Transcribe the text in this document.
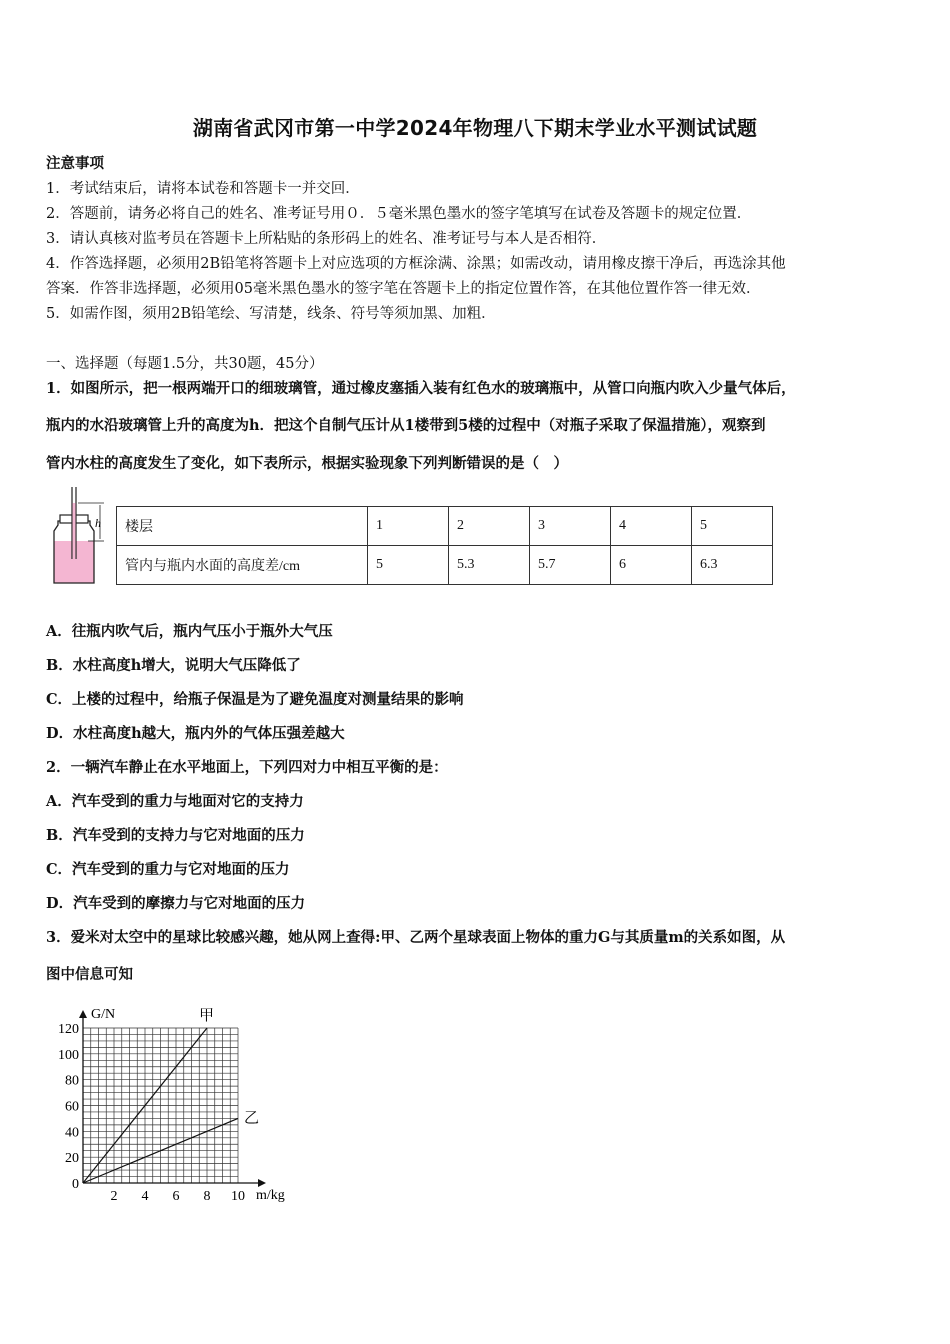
湖南省武冈市第一中学2024年物理八下期末学业水平测试试题
注意事项
1．考试结束后，请将本试卷和答题卡一并交回．
2．答题前，请务必将自己的姓名、准考证号用０．５毫米黑色墨水的签字笔填写在试卷及答题卡的规定位置．
3．请认真核对监考员在答题卡上所粘贴的条形码上的姓名、准考证号与本人是否相符．
4．作答选择题，必须用2B铅笔将答题卡上对应选项的方框涂满、涂黑；如需改动，请用橡皮擦干净后，再选涂其他
答案．作答非选择题，必须用05毫米黑色墨水的签字笔在答题卡上的指定位置作答，在其他位置作答一律无效．
5．如需作图，须用2B铅笔绘、写清楚，线条、符号等须加黑、加粗．
一、选择题（每题1.5分，共30题，45分）
1．如图所示，把一根两端开口的细玻璃管，通过橡皮塞插入装有红色水的玻璃瓶中，从管口向瓶内吹入少量气体后，
瓶内的水沿玻璃管上升的高度为h．把这个自制气压计从1楼带到5楼的过程中（对瓶子采取了保温措施），观察到
管内水柱的高度发生了变化，如下表所示，根据实验现象下列判断错误的是（　）
h 楼层	1	2	3	4	5
管内与瓶内水面的高度差/cm	5	5.3	5.7	6	6.3
A．往瓶内吹气后，瓶内气压小于瓶外大气压
B．水柱高度h增大，说明大气压降低了
C．上楼的过程中，给瓶子保温是为了避免温度对测量结果的影响
D．水柱高度h越大，瓶内外的气体压强差越大
2．一辆汽车静止在水平地面上，下列四对力中相互平衡的是：
A．汽车受到的重力与地面对它的支持力
B．汽车受到的支持力与它对地面的压力
C．汽车受到的重力与它对地面的压力
D．汽车受到的摩擦力与它对地面的压力
3．爱米对太空中的星球比较感兴趣，她从网上查得:甲、乙两个星球表面上物体的重力G与其质量m的关系如图，从
图中信息可知
0
20
40
60
80
100
120
2 4 6 8 10
G/N
m/kg
甲
乙
